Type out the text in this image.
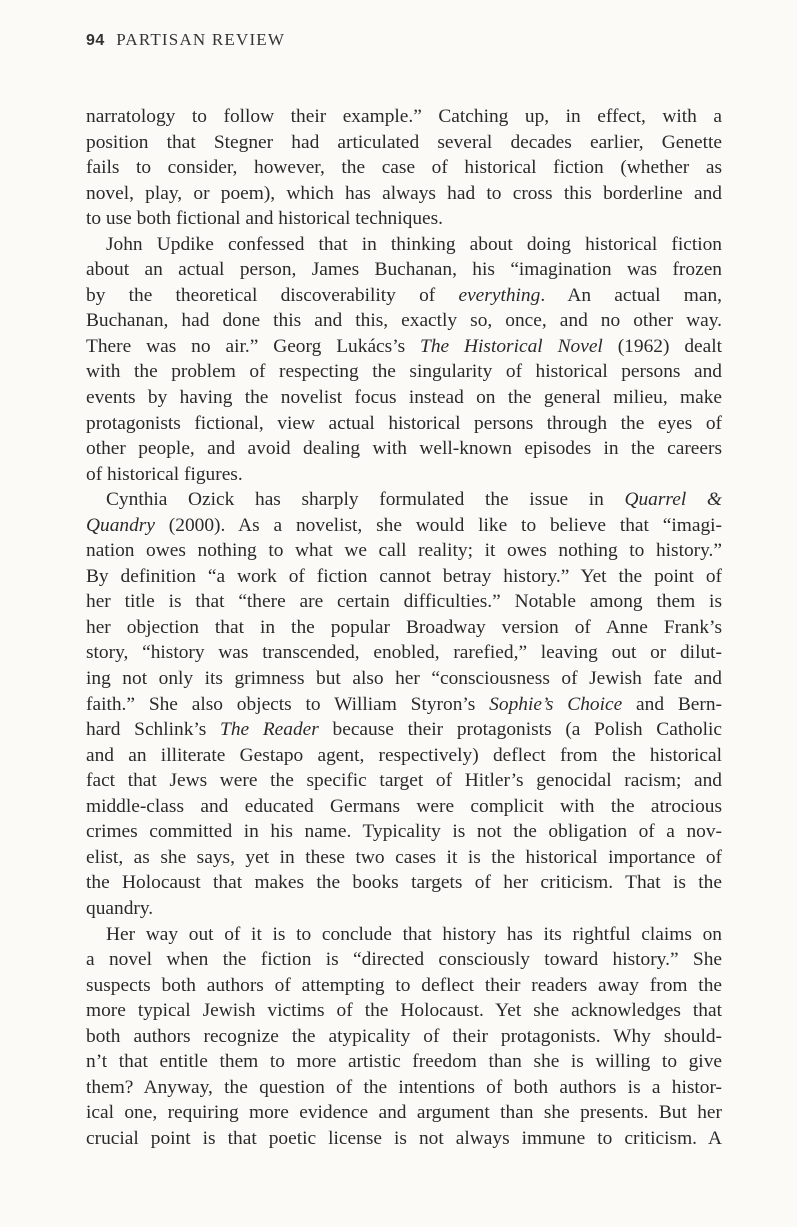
94 PARTISAN REVIEW
narratology to follow their example.” Catching up, in effect, with a
position that Stegner had articulated several decades earlier, Genette
fails to consider, however, the case of historical fiction (whether as
novel, play, or poem), which has always had to cross this borderline and
to use both fictional and historical techniques.
John Updike confessed that in thinking about doing historical fiction
about an actual person, James Buchanan, his “imagination was frozen
by the theoretical discoverability of everything. An actual man,
Buchanan, had done this and this, exactly so, once, and no other way.
There was no air.” Georg Lukács’s The Historical Novel (1962) dealt
with the problem of respecting the singularity of historical persons and
events by having the novelist focus instead on the general milieu, make
protagonists fictional, view actual historical persons through the eyes of
other people, and avoid dealing with well-known episodes in the careers
of historical figures.
Cynthia Ozick has sharply formulated the issue in Quarrel &
Quandry (2000). As a novelist, she would like to believe that “imagi-
nation owes nothing to what we call reality; it owes nothing to history.”
By definition “a work of fiction cannot betray history.” Yet the point of
her title is that “there are certain difficulties.” Notable among them is
her objection that in the popular Broadway version of Anne Frank’s
story, “history was transcended, enobled, rarefied,” leaving out or dilut-
ing not only its grimness but also her “consciousness of Jewish fate and
faith.” She also objects to William Styron’s Sophie’s Choice and Bern-
hard Schlink’s The Reader because their protagonists (a Polish Catholic
and an illiterate Gestapo agent, respectively) deflect from the historical
fact that Jews were the specific target of Hitler’s genocidal racism; and
middle-class and educated Germans were complicit with the atrocious
crimes committed in his name. Typicality is not the obligation of a nov-
elist, as she says, yet in these two cases it is the historical importance of
the Holocaust that makes the books targets of her criticism. That is the
quandry.
Her way out of it is to conclude that history has its rightful claims on
a novel when the fiction is “directed consciously toward history.” She
suspects both authors of attempting to deflect their readers away from the
more typical Jewish victims of the Holocaust. Yet she acknowledges that
both authors recognize the atypicality of their protagonists. Why should-
n’t that entitle them to more artistic freedom than she is willing to give
them? Anyway, the question of the intentions of both authors is a histor-
ical one, requiring more evidence and argument than she presents. But her
crucial point is that poetic license is not always immune to criticism. A
